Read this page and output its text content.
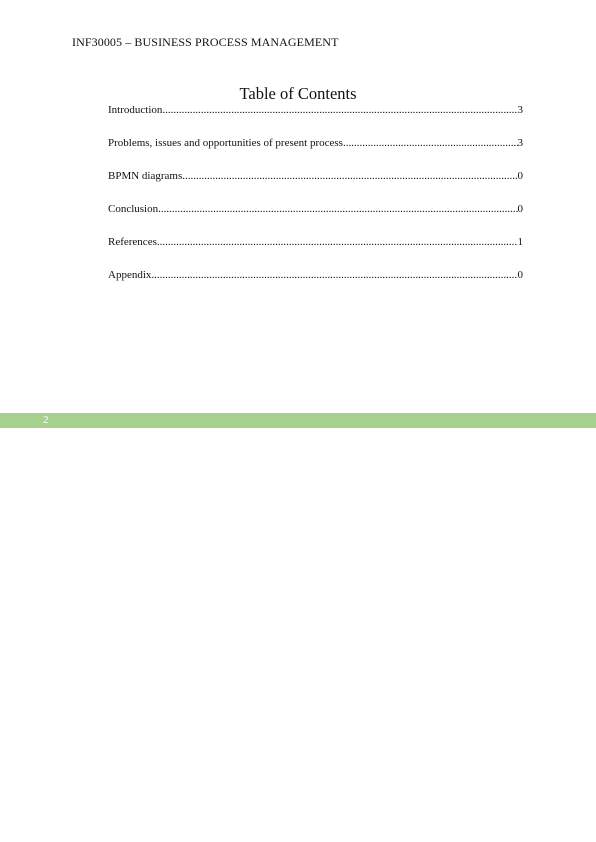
INF30005 – BUSINESS PROCESS MANAGEMENT
Table of Contents
Introduction .....	3
Problems, issues and opportunities of present process .....	3
BPMN diagrams .....	0
Conclusion .....	0
References .....	1
Appendix .....	0
2
